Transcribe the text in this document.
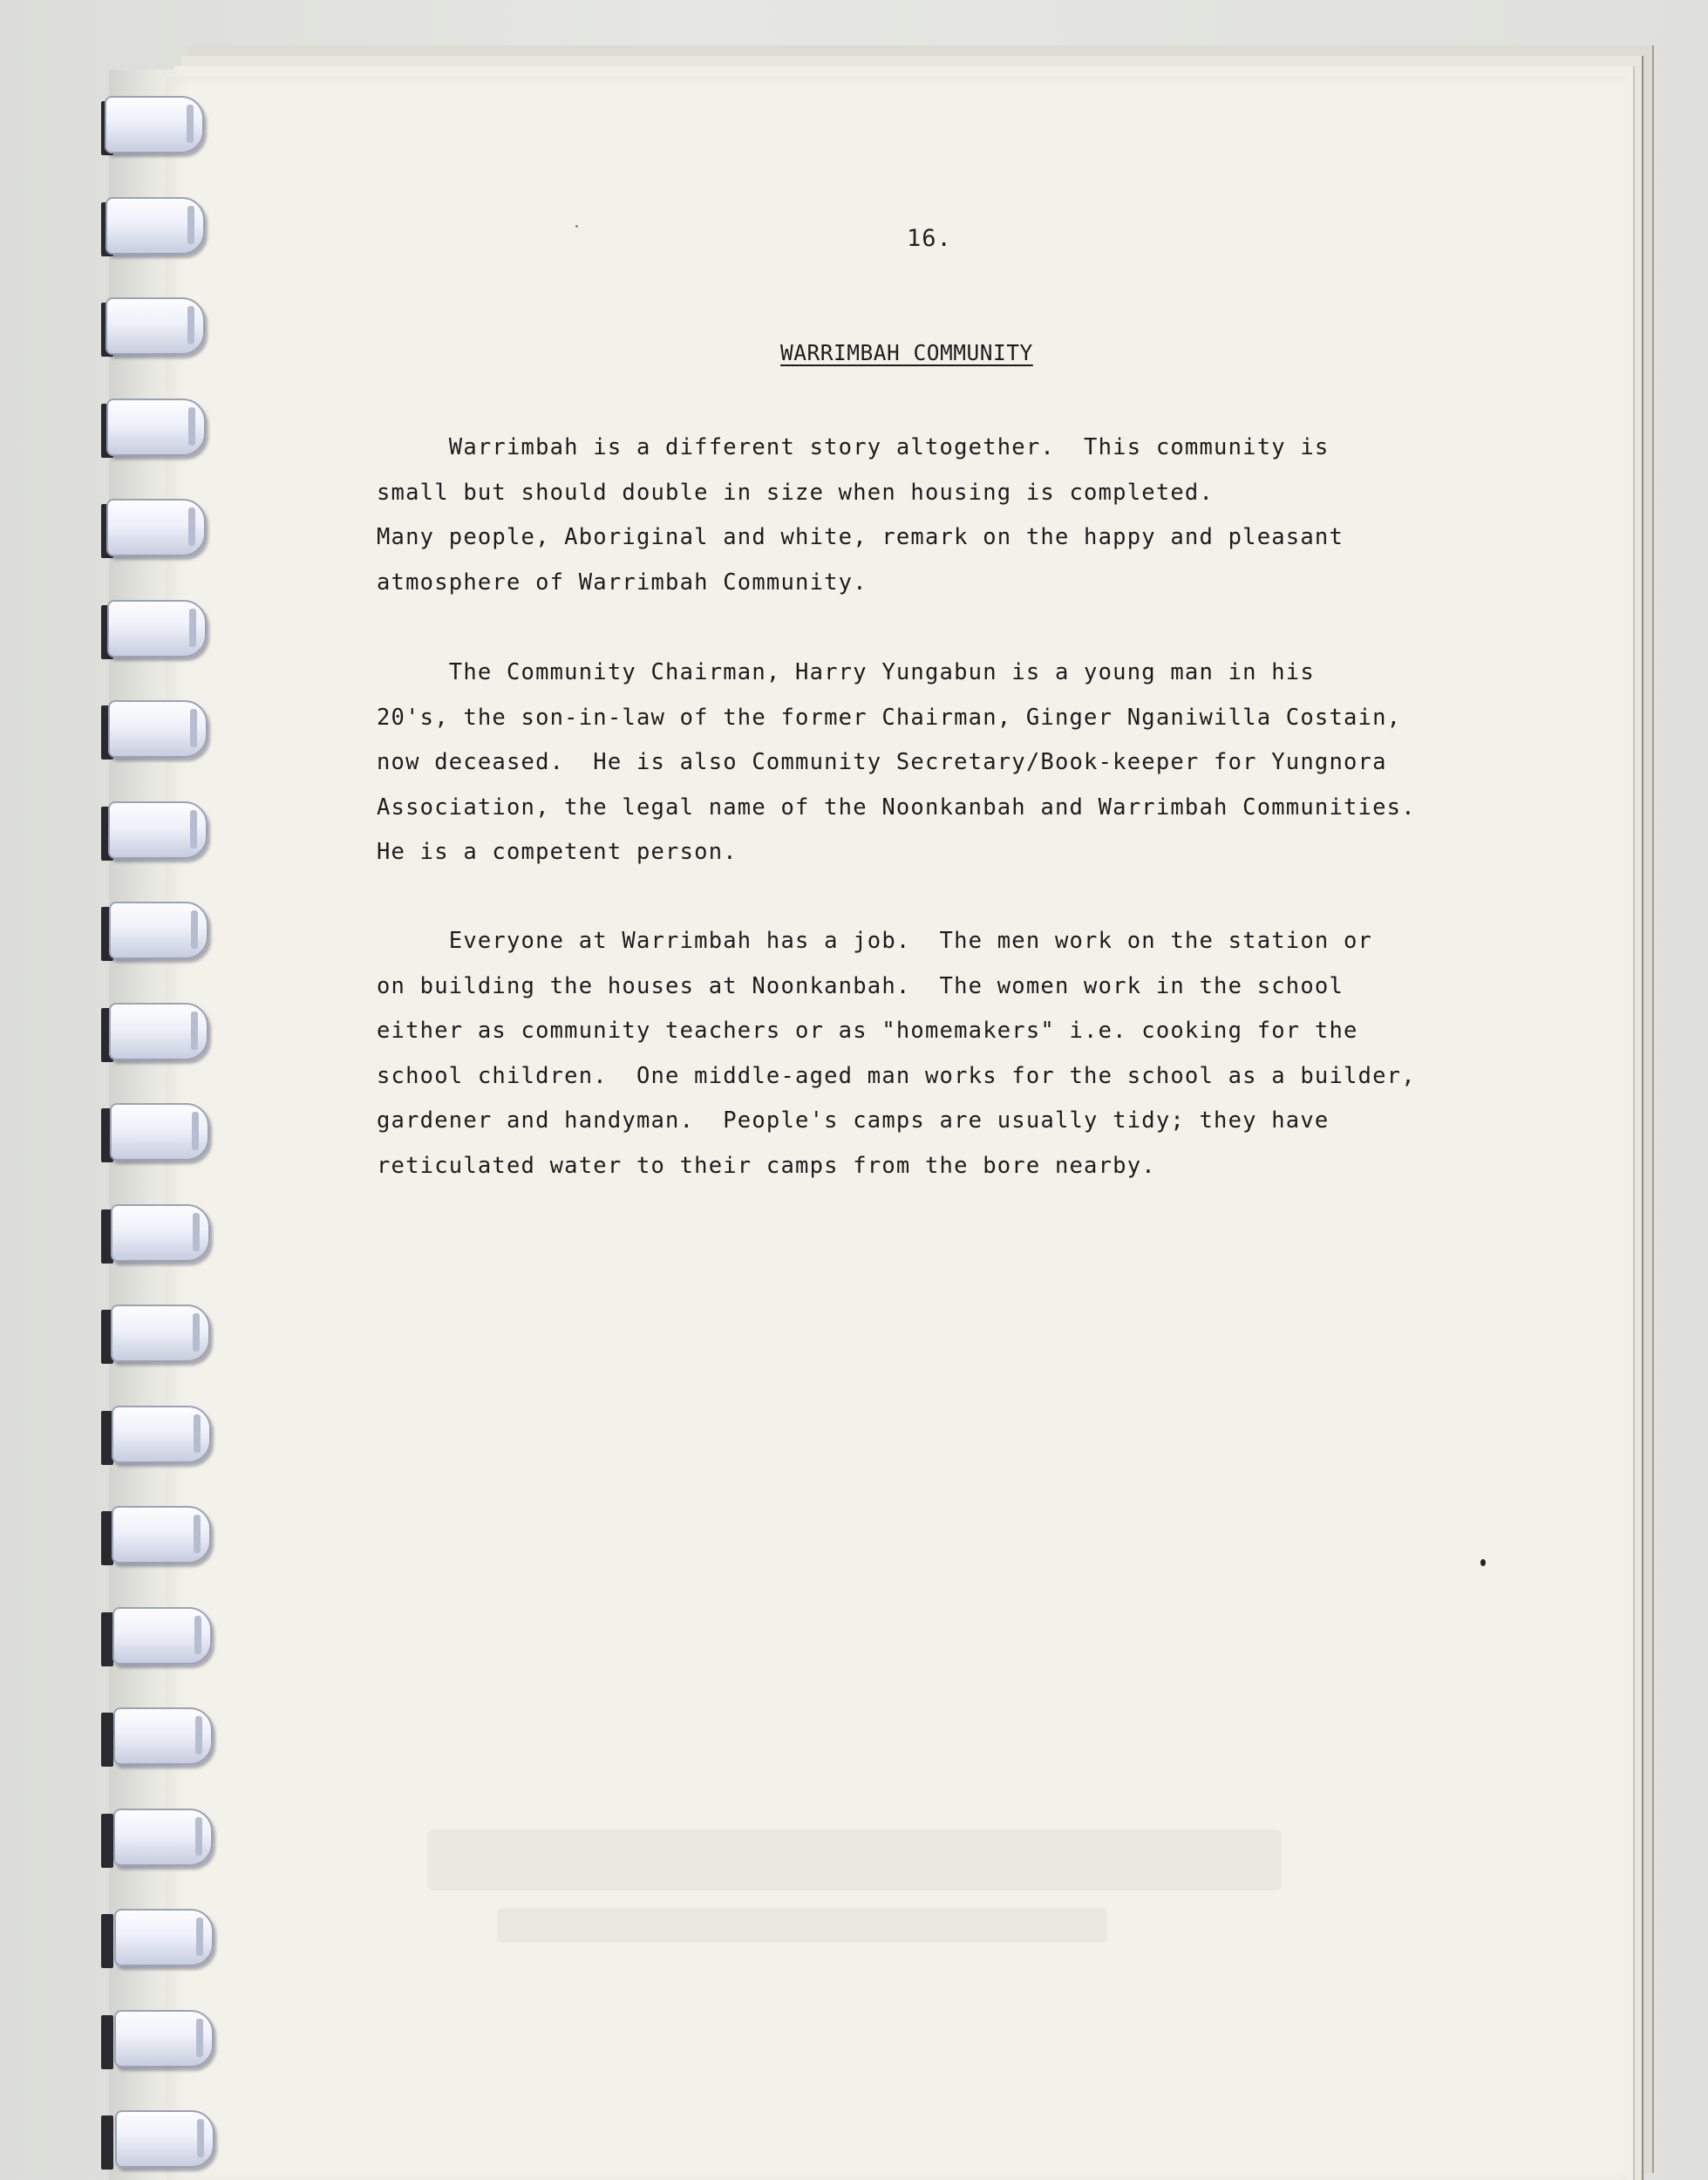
16.
WARRIMBAH COMMUNITY
Warrimbah is a different story altogether.  This community is
small but should double in size when housing is completed.
Many people, Aboriginal and white, remark on the happy and pleasant
atmosphere of Warrimbah Community.
The Community Chairman, Harry Yungabun is a young man in his
20's, the son-in-law of the former Chairman, Ginger Nganiwilla Costain,
now deceased.  He is also Community Secretary/Book-keeper for Yungnora
Association, the legal name of the Noonkanbah and Warrimbah Communities.
He is a competent person.
Everyone at Warrimbah has a job.  The men work on the station or
on building the houses at Noonkanbah.  The women work in the school
either as community teachers or as "homemakers" i.e. cooking for the
school children.  One middle-aged man works for the school as a builder,
gardener and handyman.  People's camps are usually tidy; they have
reticulated water to their camps from the bore nearby.
